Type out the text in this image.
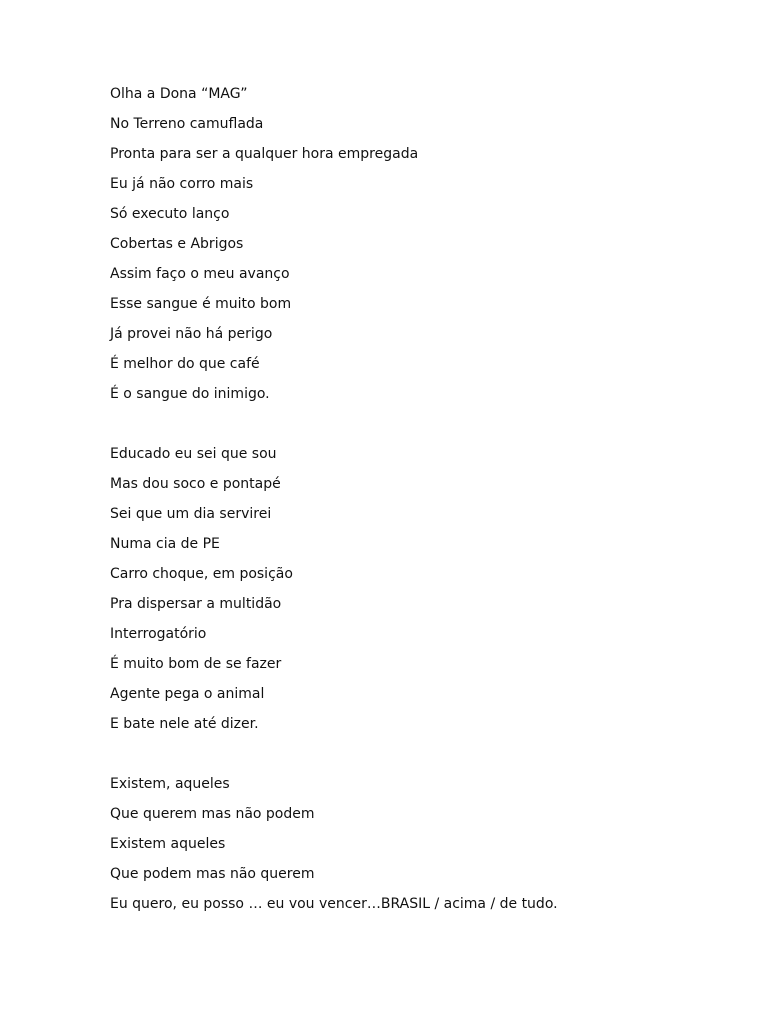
Olha a Dona “MAG”
No Terreno camuflada
Pronta para ser a qualquer hora empregada
Eu já não corro mais
Só executo lanço
Cobertas e Abrigos
Assim faço o meu avanço
Esse sangue é muito bom
Já provei não há perigo
É melhor do que café
É o sangue do inimigo.
Educado eu sei que sou
Mas dou soco e pontapé
Sei que um dia servirei
Numa cia de PE
Carro choque, em posição
Pra dispersar a multidão
Interrogatório
É muito bom de se fazer
Agente pega o animal
E bate nele até dizer.
Existem, aqueles
Que querem mas não podem
Existem aqueles
Que podem mas não querem
Eu quero, eu posso … eu vou vencer…BRASIL / acima / de tudo.
